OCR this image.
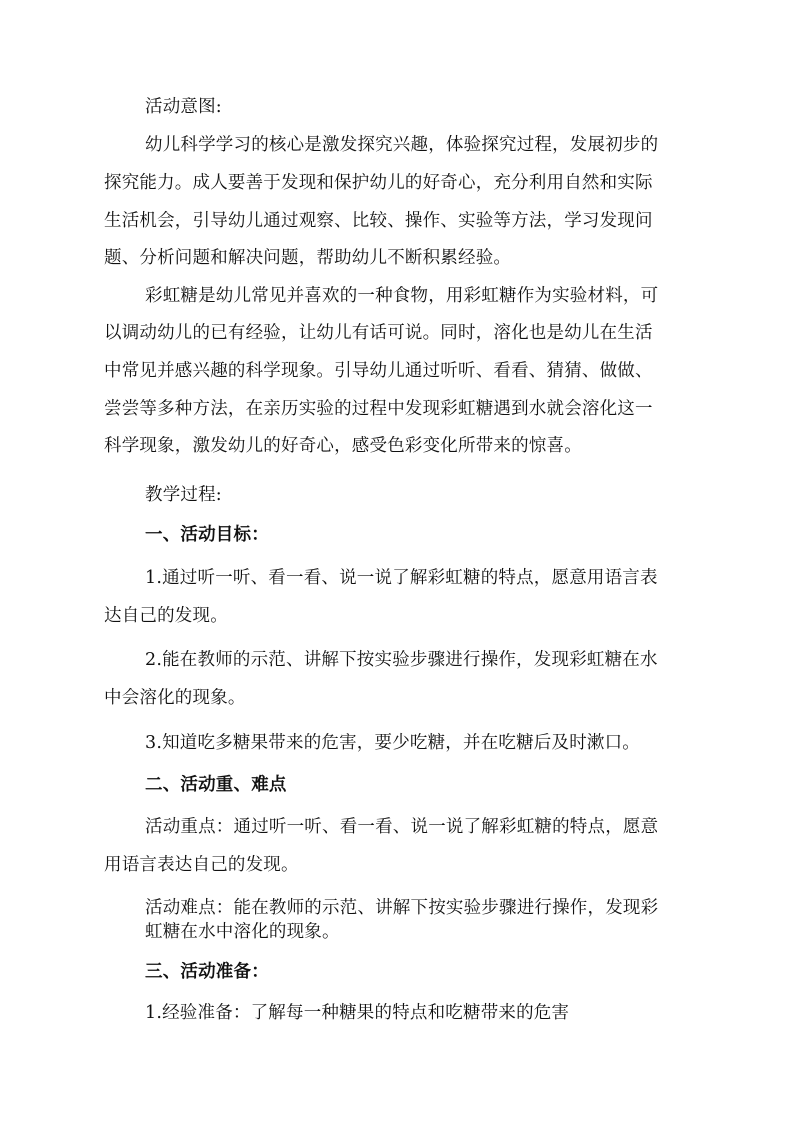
活动意图:
幼儿科学学习的核心是激发探究兴趣，体验探究过程，发展初步的
探究能力。成人要善于发现和保护幼儿的好奇心，充分利用自然和实际
生活机会，引导幼儿通过观察、比较、操作、实验等方法，学习发现问
题、分析问题和解决问题，帮助幼儿不断积累经验。
彩虹糖是幼儿常见并喜欢的一种食物，用彩虹糖作为实验材料，可
以调动幼儿的已有经验，让幼儿有话可说。同时，溶化也是幼儿在生活
中常见并感兴趣的科学现象。引导幼儿通过听听、看看、猜猜、做做、
尝尝等多种方法，在亲历实验的过程中发现彩虹糖遇到水就会溶化这一
科学现象，激发幼儿的好奇心，感受色彩变化所带来的惊喜。
教学过程:
一、活动目标：
1.通过听一听、看一看、说一说了解彩虹糖的特点，愿意用语言表
达自己的发现。
2.能在教师的示范、讲解下按实验步骤进行操作，发现彩虹糖在水
中会溶化的现象。
3.知道吃多糖果带来的危害，要少吃糖，并在吃糖后及时漱口。
二、活动重、难点
活动重点：通过听一听、看一看、说一说了解彩虹糖的特点，愿意
用语言表达自己的发现。
活动难点：能在教师的示范、讲解下按实验步骤进行操作，发现彩
虹糖在水中溶化的现象。
三、活动准备：
1.经验准备：了解每一种糖果的特点和吃糖带来的危害
